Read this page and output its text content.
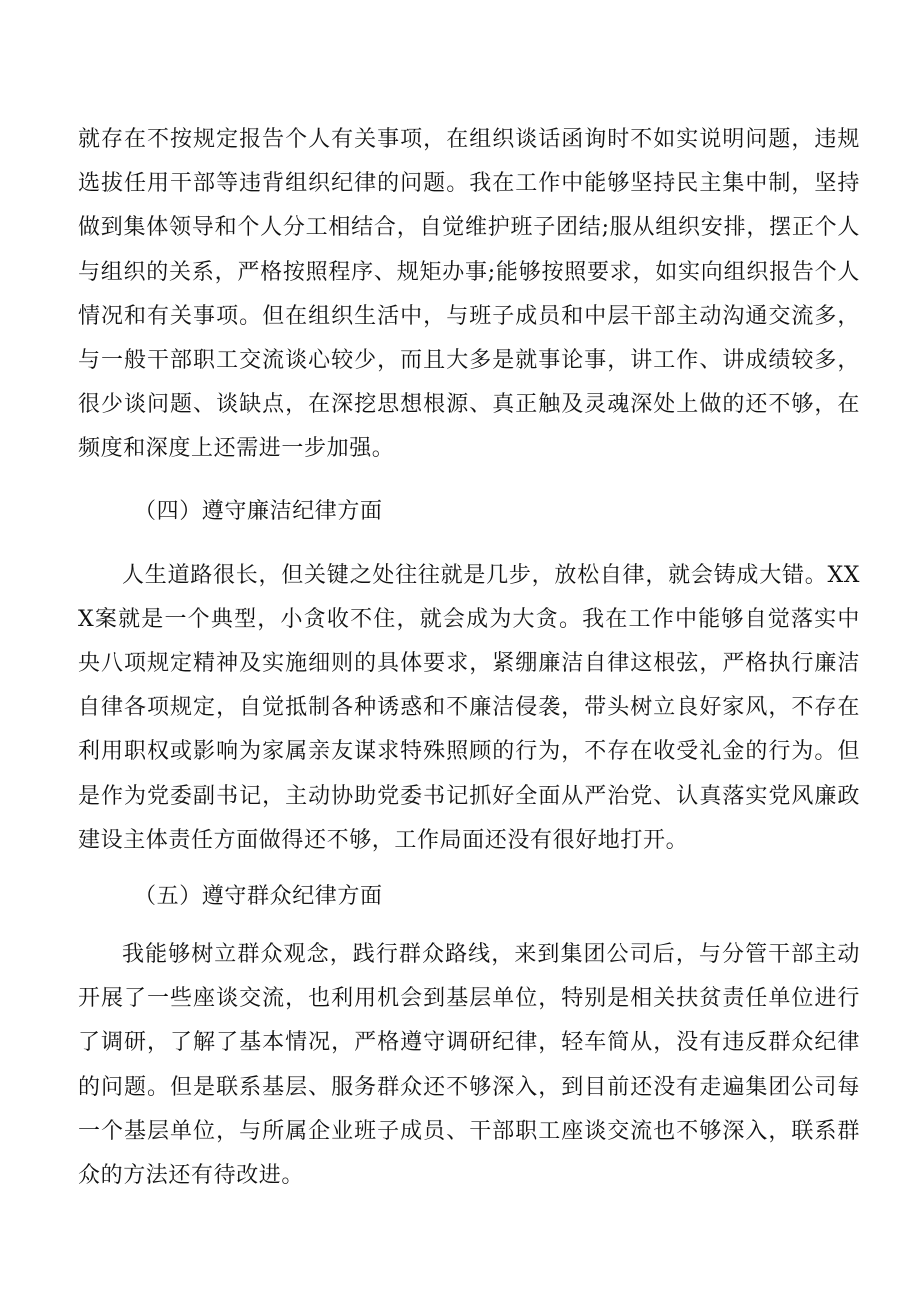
就存在不按规定报告个人有关事项，在组织谈话函询时不如实说明问题，违规选拔任用干部等违背组织纪律的问题。我在工作中能够坚持民主集中制，坚持做到集体领导和个人分工相结合，自觉维护班子团结;服从组织安排，摆正个人与组织的关系，严格按照程序、规矩办事;能够按照要求，如实向组织报告个人情况和有关事项。但在组织生活中，与班子成员和中层干部主动沟通交流多，与一般干部职工交流谈心较少，而且大多是就事论事，讲工作、讲成绩较多，很少谈问题、谈缺点，在深挖思想根源、真正触及灵魂深处上做的还不够，在频度和深度上还需进一步加强。

（四）遵守廉洁纪律方面

人生道路很长，但关键之处往往就是几步，放松自律，就会铸成大错。XXX案就是一个典型，小贪收不住，就会成为大贪。我在工作中能够自觉落实中央八项规定精神及实施细则的具体要求，紧绷廉洁自律这根弦，严格执行廉洁自律各项规定，自觉抵制各种诱惑和不廉洁侵袭，带头树立良好家风，不存在利用职权或影响为家属亲友谋求特殊照顾的行为，不存在收受礼金的行为。但是作为党委副书记，主动协助党委书记抓好全面从严治党、认真落实党风廉政建设主体责任方面做得还不够，工作局面还没有很好地打开。

（五）遵守群众纪律方面

我能够树立群众观念，践行群众路线，来到集团公司后，与分管干部主动开展了一些座谈交流，也利用机会到基层单位，特别是相关扶贫责任单位进行了调研，了解了基本情况，严格遵守调研纪律，轻车简从，没有违反群众纪律的问题。但是联系基层、服务群众还不够深入，到目前还没有走遍集团公司每一个基层单位，与所属企业班子成员、干部职工座谈交流也不够深入，联系群众的方法还有待改进。
